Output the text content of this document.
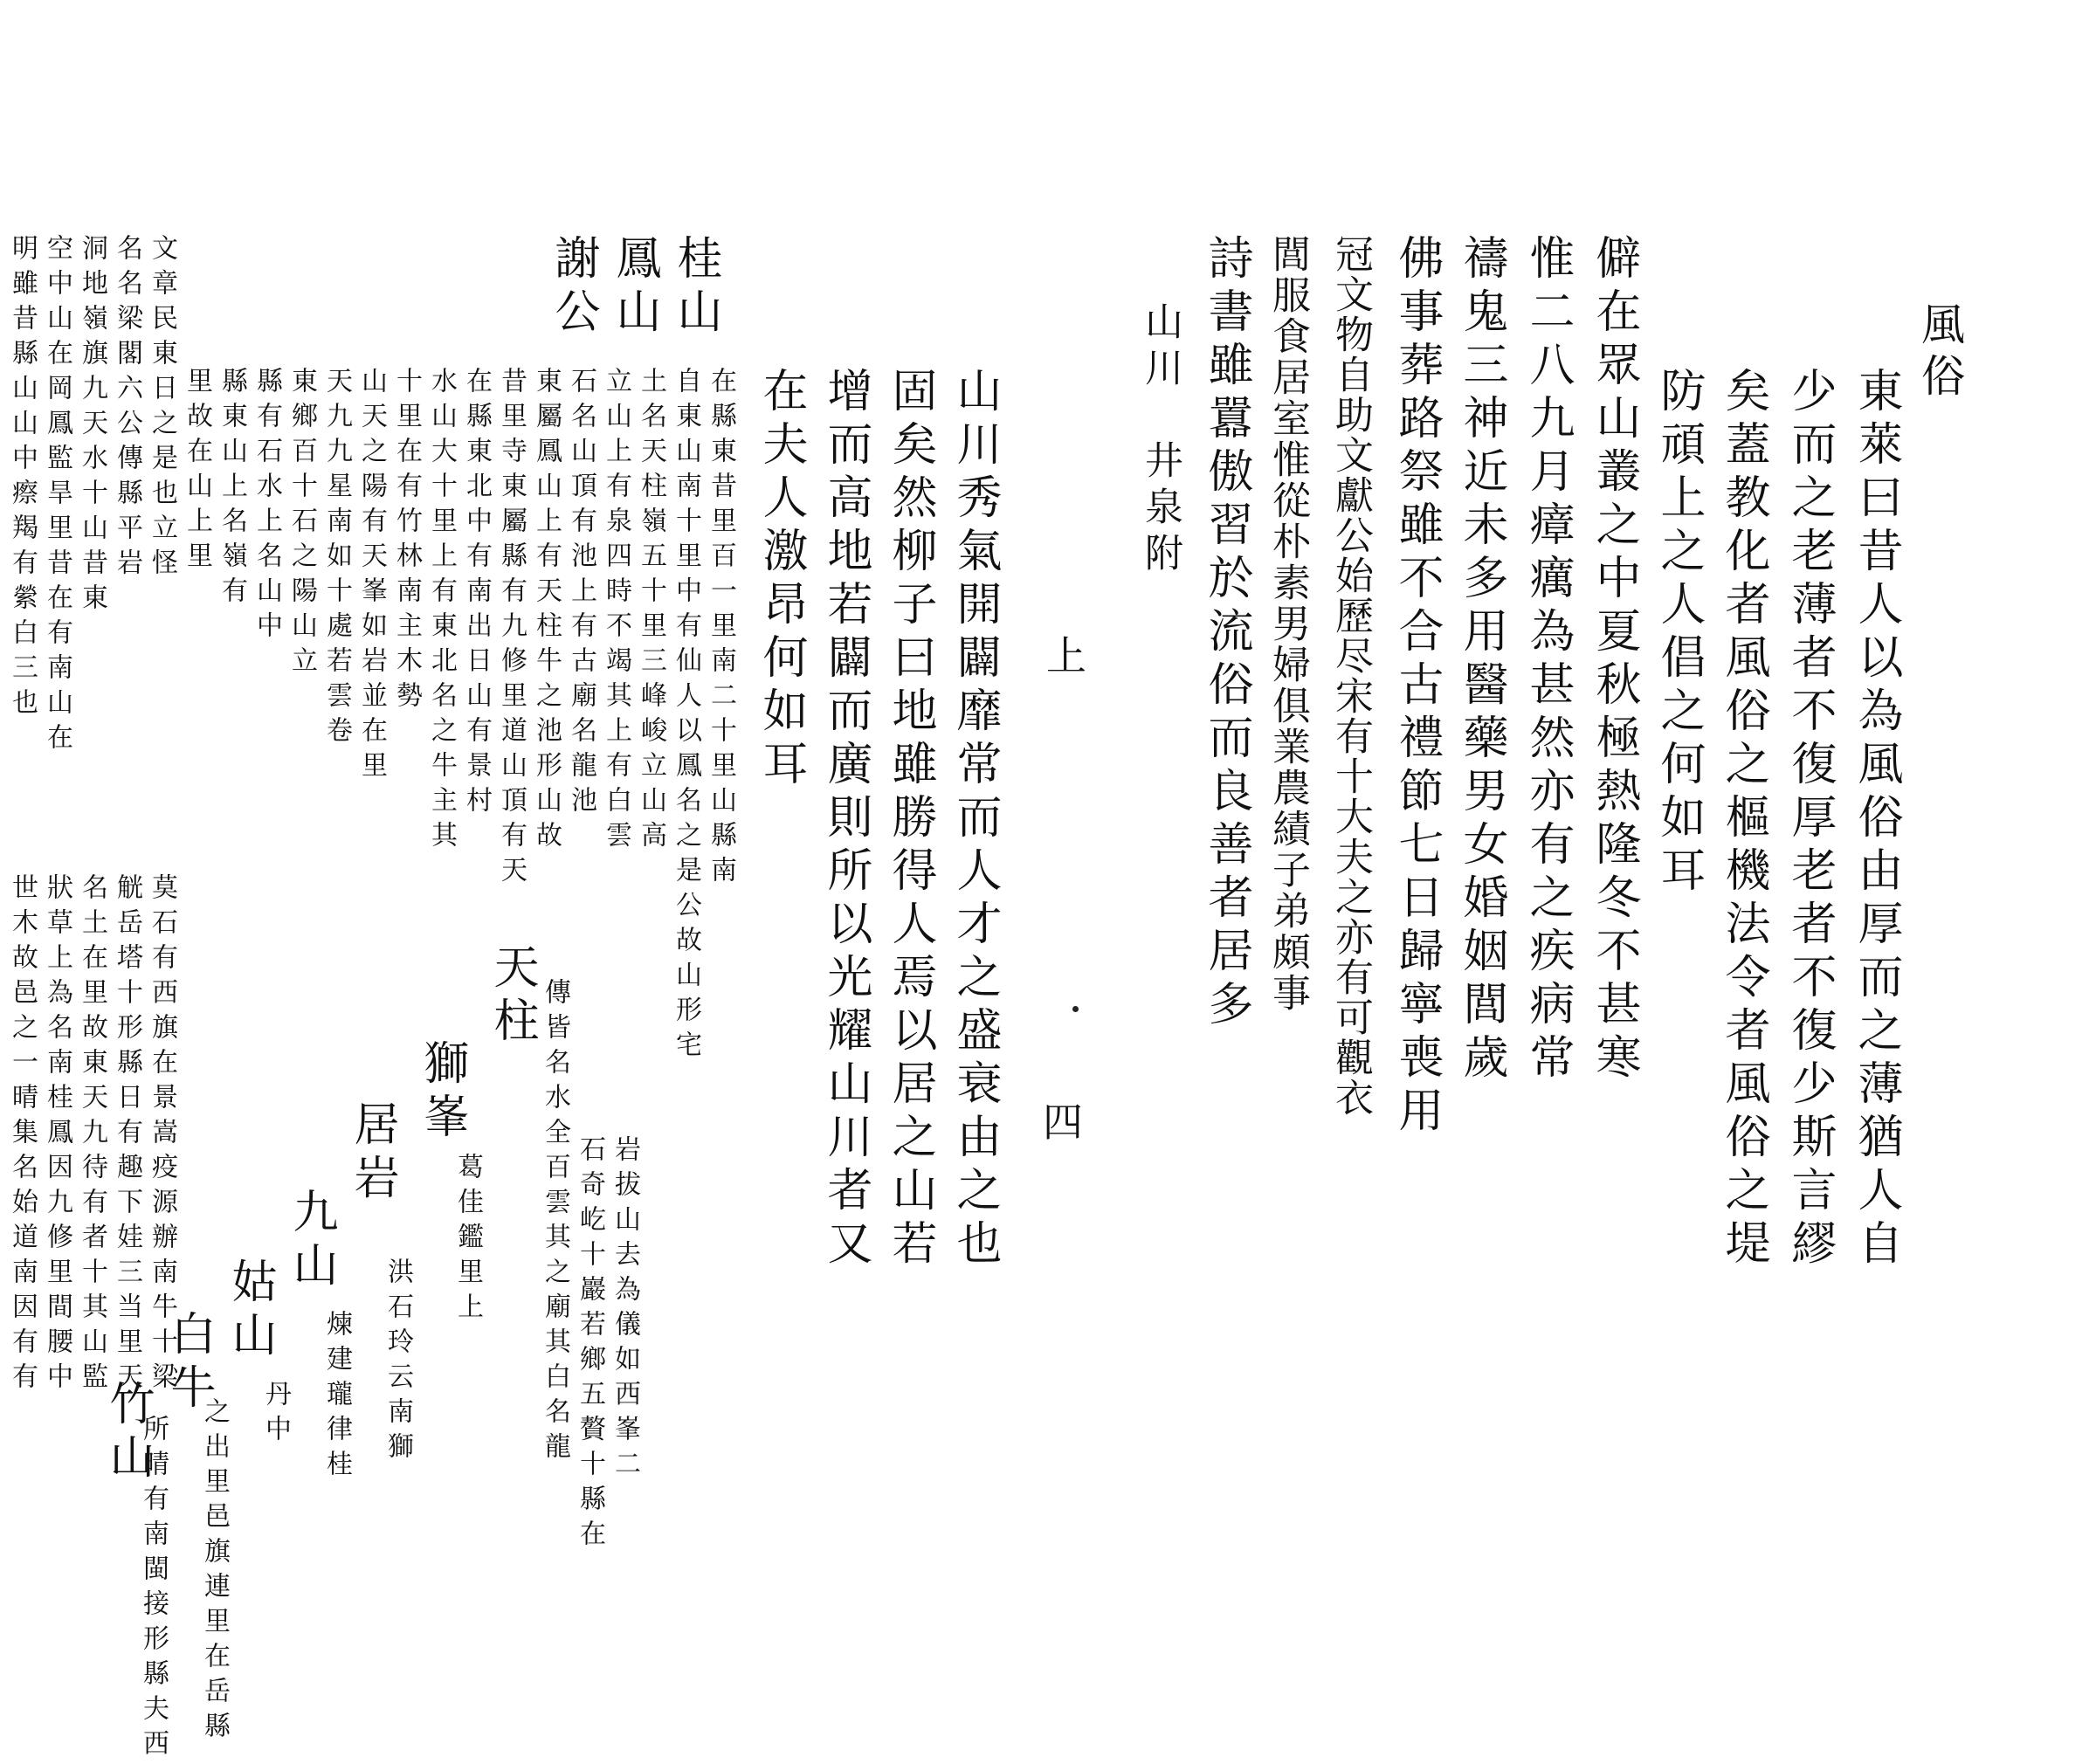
風俗
東萊曰昔人以為風俗由厚而之薄猶人自
少而之老薄者不復厚老者不復少斯言繆
矣蓋教化者風俗之樞機法令者風俗之堤
防頑上之人倡之何如耳
僻在眾山叢之中夏秋極熱隆冬不甚寒
惟二八九月瘴癘為甚然亦有之疾病常
禱鬼三神近未多用醫藥男女婚姻閭歲
佛事葬路祭雖不合古禮節七日歸寧喪用
冠文物自助文獻公始歷尽宋有十大夫之亦有可觀衣
閭服食居室惟從朴素男婦俱業農績子弟頗事
詩書雖囂傲習於流俗而良善者居多
山川　井泉附
上
四
山川秀氣開闢靡常而人才之盛衰由之也
固矣然柳子曰地雖勝得人焉以居之山若
增而高地若闢而廣則所以光耀山川者又
在夫人激昂何如耳
桂山
鳳山
謝公
在縣東昔里百一里南二十里山縣南
自東山南十里中有仙人以鳳名之是公故山形宅
土名天柱嶺五十里三峰峻立山高
立山上有泉四時不竭其上有白雲
石名山頂有池上有古廟名龍池
東屬鳳山上有天柱牛之池形山故
昔里寺東屬縣有九修里道山頂有天
在縣東北中有南出日山有景村
水山大十里上有東北名之牛主其
十里在有竹林南主木勢
山天之陽有天峯如岩並在里
天九九星南如十處若雲卷
東鄉百十石之陽山立
縣有石水上名山中
縣東山上名嶺有
里故在山上里
文章民東日之是也立怪
名名梁閣六公傳縣平岩
天柱
獅峯
居岩
九山
姑山
白牛
竹山
洞地嶺旗九天水十山昔東
空中山在岡鳳監旱里昔在有南山在
明雖昔縣山山中瘵羯有縈白三也
莫石有西旗在景嵩疫源辦南牛十梁
觥岳塔十形縣日有趣下娃三当里天
名土在里故東天九待有者十其山監
狀草上為名南桂鳳因九修里間腰中
世木故邑之一晴集名始道南因有有	傳皆名水全百雲其之廟其白名龍
葛佳鑑里上
洪石玲云南獅
煉建瓏律桂
丹中
之出里邑旗連里在岳縣
所晴有南閩接形縣夫西
岩拔山去為儀如西峯二
石奇屹十巖若鄉五贅十縣在
